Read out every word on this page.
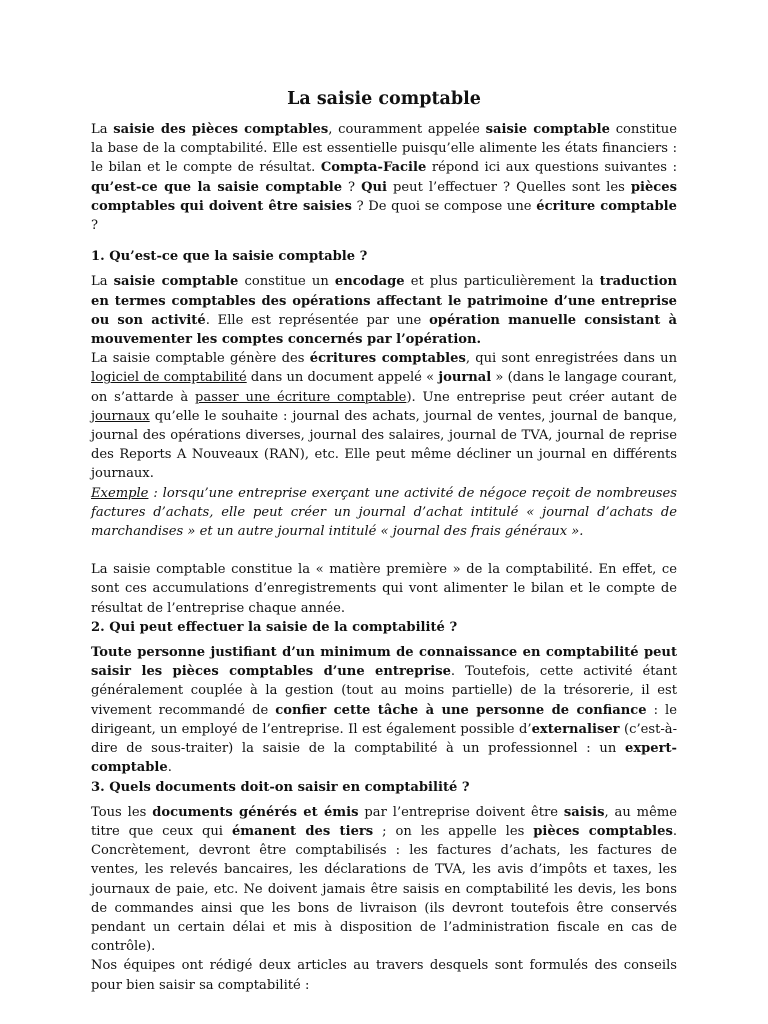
La saisie comptable

La saisie des pièces comptables, couramment appelée saisie comptable constitue la base de la comptabilité. Elle est essentielle puisqu’elle alimente les états financiers : le bilan et le compte de résultat. Compta-Facile répond ici aux questions suivantes : qu’est-ce que la saisie comptable ? Qui peut l’effectuer ? Quelles sont les pièces comptables qui doivent être saisies ? De quoi se compose une écriture comptable ?

1. Qu’est-ce que la saisie comptable ?

La saisie comptable constitue un encodage et plus particulièrement la traduction en termes comptables des opérations affectant le patrimoine d’une entreprise ou son activité. Elle est représentée par une opération manuelle consistant à mouvementer les comptes concernés par l’opération.

La saisie comptable génère des écritures comptables, qui sont enregistrées dans un logiciel de comptabilité dans un document appelé « journal » (dans le langage courant, on s’attarde à passer une écriture comptable). Une entreprise peut créer autant de journaux qu’elle le souhaite : journal des achats, journal de ventes, journal de banque, journal des opérations diverses, journal des salaires, journal de TVA, journal de reprise des Reports A Nouveaux (RAN), etc. Elle peut même décliner un journal en différents journaux.

Exemple : lorsqu’une entreprise exerçant une activité de négoce reçoit de nombreuses factures d’achats, elle peut créer un journal d’achat intitulé « journal d’achats de marchandises » et un autre journal intitulé « journal des frais généraux ».

La saisie comptable constitue la « matière première » de la comptabilité. En effet, ce sont ces accumulations d’enregistrements qui vont alimenter le bilan et le compte de résultat de l’entreprise chaque année.

2. Qui peut effectuer la saisie de la comptabilité ?

Toute personne justifiant d’un minimum de connaissance en comptabilité peut saisir les pièces comptables d’une entreprise. Toutefois, cette activité étant généralement couplée à la gestion (tout au moins partielle) de la trésorerie, il est vivement recommandé de confier cette tâche à une personne de confiance : le dirigeant, un employé de l’entreprise. Il est également possible d’externaliser (c’est-à-dire de sous-traiter) la saisie de la comptabilité à un professionnel : un expert-comptable.

3. Quels documents doit-on saisir en comptabilité ?

Tous les documents générés et émis par l’entreprise doivent être saisis, au même titre que ceux qui émanent des tiers ; on les appelle les pièces comptables. Concrètement, devront être comptabilisés : les factures d’achats, les factures de ventes, les relevés bancaires, les déclarations de TVA, les avis d’impôts et taxes, les journaux de paie, etc. Ne doivent jamais être saisis en comptabilité les devis, les bons de commandes ainsi que les bons de livraison (ils devront toutefois être conservés pendant un certain délai et mis à disposition de l’administration fiscale en cas de contrôle).

Nos équipes ont rédigé deux articles au travers desquels sont formulés des conseils pour bien saisir sa comptabilité :
